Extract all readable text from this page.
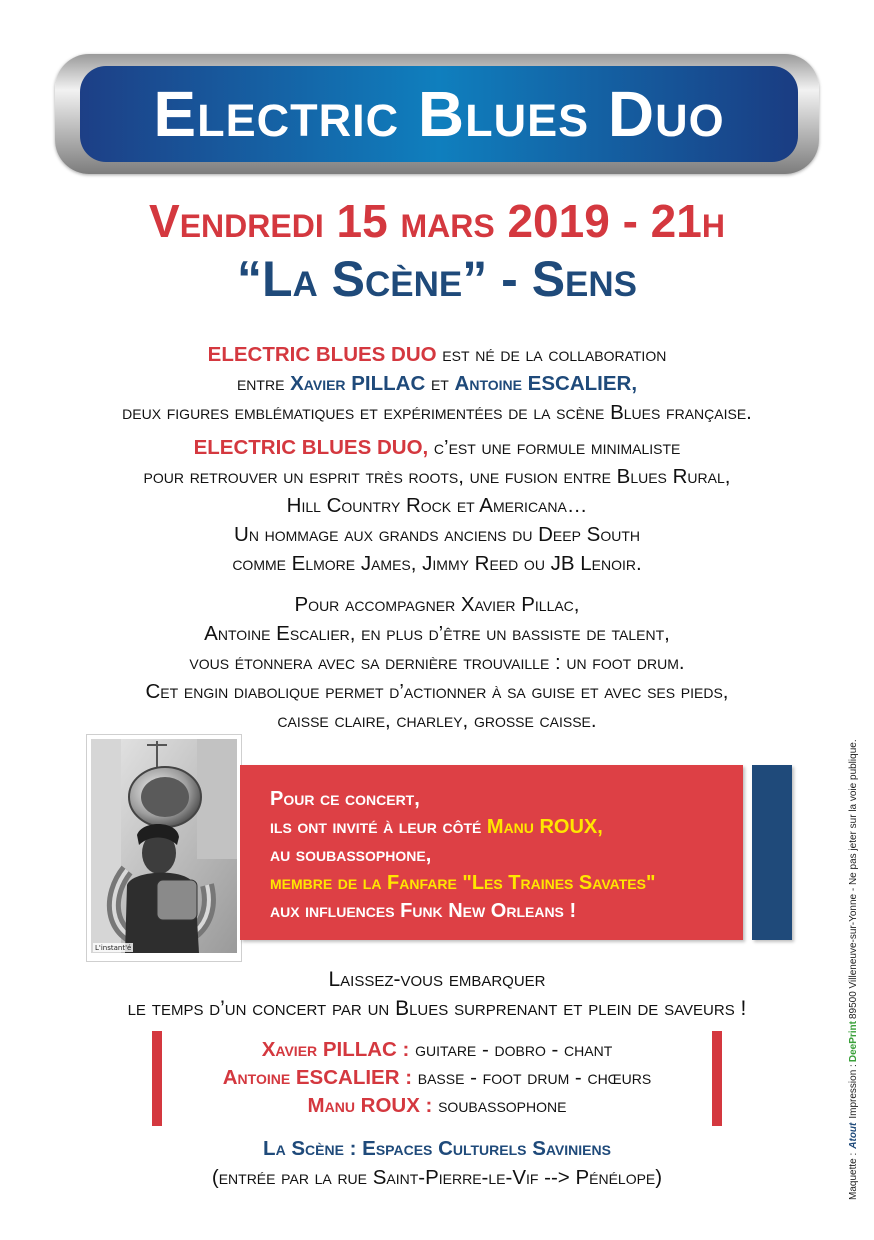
Electric Blues Duo
Vendredi 15 mars 2019 - 21h
“La Scène” - Sens
ELECTRIC BLUES DUO est né de la collaboration
entre Xavier PILLAC et Antoine ESCALIER,
deux figures emblématiques et expérimentées de la scène Blues française.
ELECTRIC BLUES DUO, c’est une formule minimaliste
pour retrouver un esprit très roots, une fusion entre Blues Rural,
Hill Country Rock et Americana…
Un hommage aux grands anciens du Deep South
comme Elmore James, Jimmy Reed ou JB Lenoir.
Pour accompagner Xavier Pillac,
Antoine Escalier, en plus d’être un bassiste de talent,
vous étonnera avec sa dernière trouvaille : un foot drum.
Cet engin diabolique permet d’actionner à sa guise et avec ses pieds,
caisse claire, charley, grosse caisse.
L'instant'é
Pour ce concert,
ils ont invité à leur côté Manu ROUX,
au soubassophone,
membre de la Fanfare "Les Traines Savates"
aux influences Funk New Orleans !
Laissez-vous embarquer
le temps d’un concert par un Blues surprenant et plein de saveurs !
Xavier PILLAC : guitare - dobro - chant
Antoine ESCALIER : basse - foot drum - chœurs
Manu ROUX : soubassophone
La Scène : Espaces Culturels Saviniens
(entrée par la rue Saint-Pierre-le-Vif --> Pénélope)	Maquette :
Atout
Impression :
DeePrint
89500 Villeneuve-sur-Yonne - Ne pas jeter sur la voie publique.
